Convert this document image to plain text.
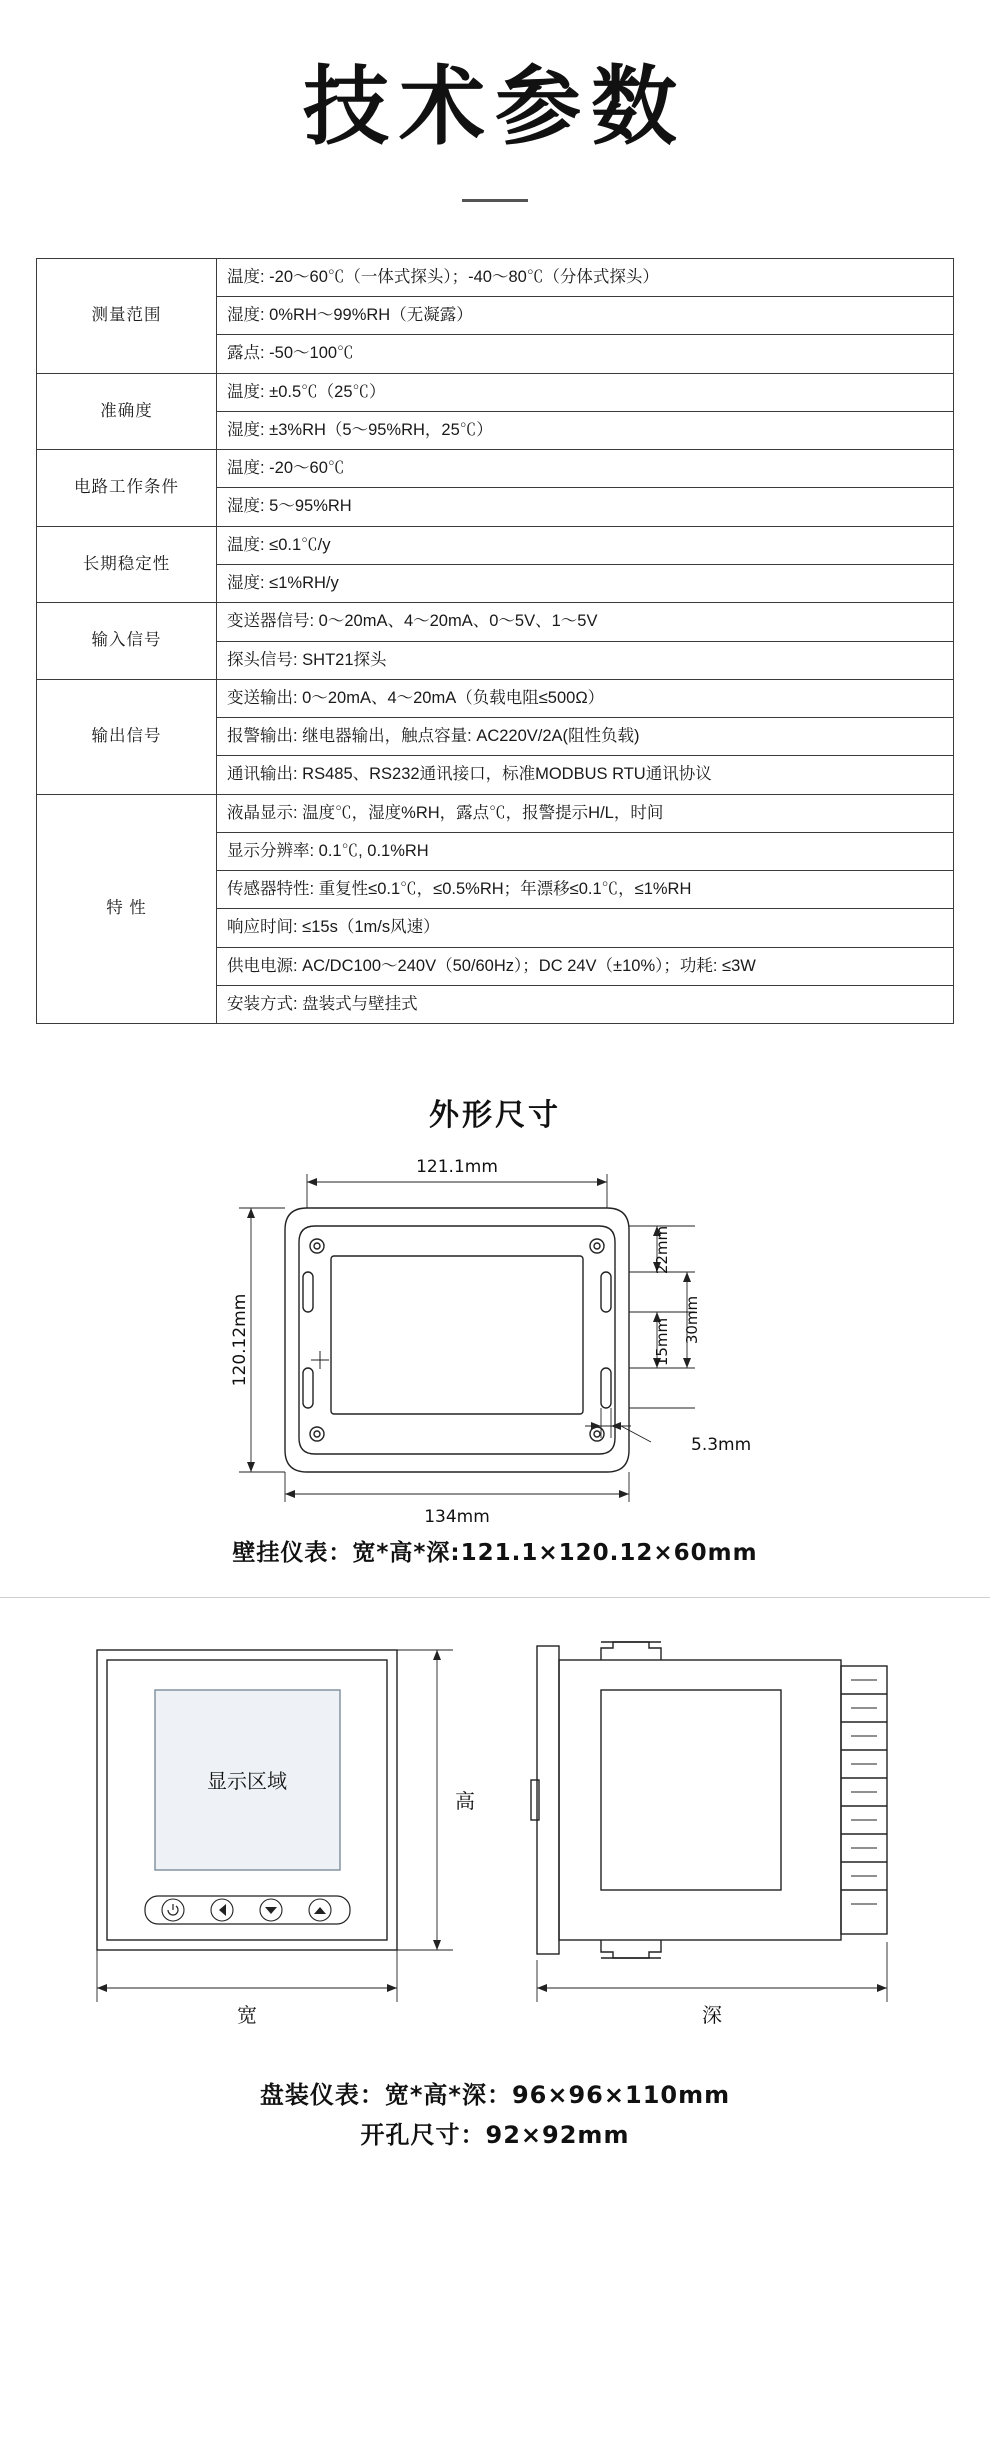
技术参数
测量范围	温度: -20〜60℃（一体式探头）；-40〜80℃（分体式探头）
	湿度: 0%RH〜99%RH（无凝露）
	露点: -50〜100℃
准确度	温度: ±0.5℃（25℃）
	湿度: ±3%RH（5〜95%RH，25℃）
电路工作条件	温度: -20〜60℃
	湿度: 5〜95%RH
长期稳定性	温度: ≤0.1℃/y
	湿度: ≤1%RH/y
输入信号	变送器信号: 0〜20mA、4〜20mA、0〜5V、1〜5V
	探头信号: SHT21探头
输出信号	变送输出: 0〜20mA、4〜20mA（负载电阻≤500Ω）
	报警输出: 继电器输出，触点容量: AC220V/2A(阻性负载)
	通讯输出: RS485、RS232通讯接口，标准MODBUS RTU通讯协议
特 性	液晶显示: 温度℃，湿度%RH，露点℃，报警提示H/L，时间
	显示分辨率: 0.1℃, 0.1%RH
	传感器特性: 重复性≤0.1℃，≤0.5%RH；年漂移≤0.1℃，≤1%RH
	响应时间: ≤15s（1m/s风速）
	供电电源: AC/DC100〜240V（50/60Hz）；DC 24V（±10%）；功耗: ≤3W
	安装方式: 盘装式与壁挂式
外形尺寸
121.1mm
134mm
120.12mm
22mm
30mm
15mm
5.3mm
壁挂仪表：宽*高*深:121.1×120.12×60mm
显示区域
高
宽	深
盘装仪表：宽*高*深：96×96×110mm
开孔尺寸：92×92mm
